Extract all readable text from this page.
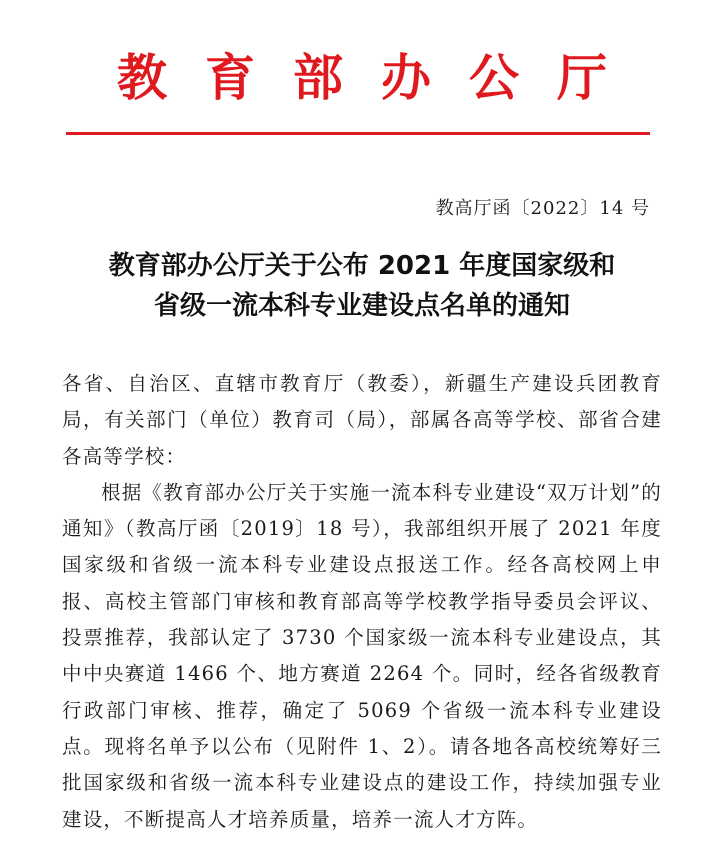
教育部办公厅
教高厅函〔2022〕14 号
教育部办公厅关于公布 2021 年度国家级和
省级一流本科专业建设点名单的通知

各省、自治区、直辖市教育厅（教委），新疆生产建设兵团教育局，有关部门（单位）教育司（局），部属各高等学校、部省合建各高等学校：

根据《教育部办公厅关于实施一流本科专业建设“双万计划”的通知》（教高厅函〔2019〕18 号），我部组织开展了 2021 年度国家级和省级一流本科专业建设点报送工作。经各高校网上申报、高校主管部门审核和教育部高等学校教学指导委员会评议、投票推荐，我部认定了 3730 个国家级一流本科专业建设点，其中中央赛道 1466 个、地方赛道 2264 个。同时，经各省级教育行政部门审核、推荐，确定了 5069 个省级一流本科专业建设点。现将名单予以公布（见附件 1、2）。请各地各高校统筹好三批国家级和省级一流本科专业建设点的建设工作，持续加强专业建设，不断提高人才培养质量，培养一流人才方阵。
